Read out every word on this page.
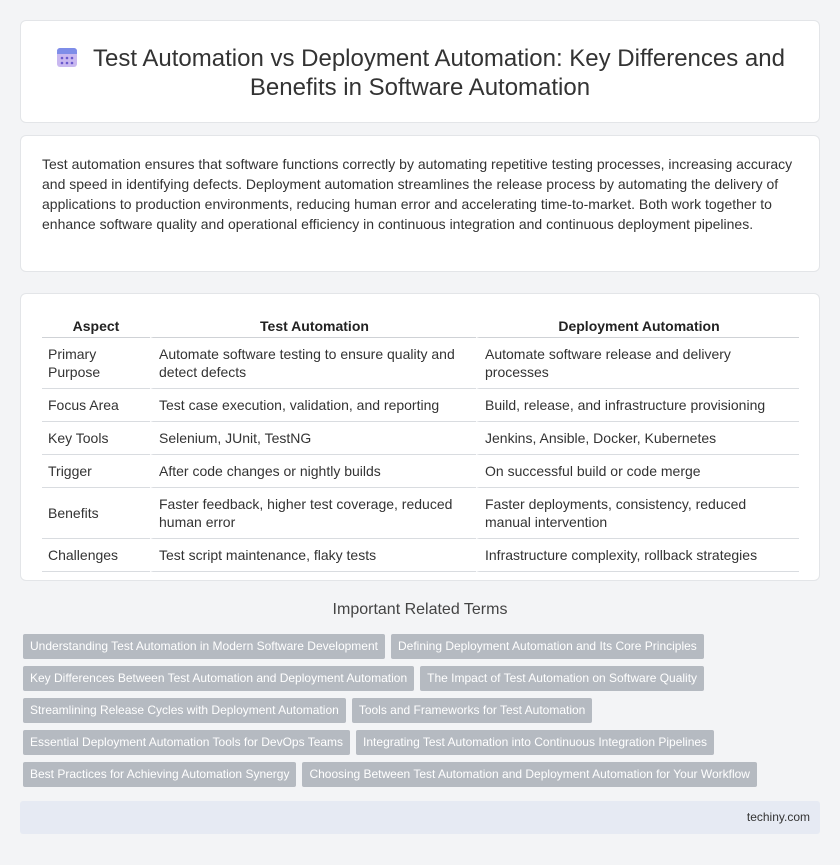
Test Automation vs Deployment Automation: Key Differences and Benefits in Software Automation

Test automation ensures that software functions correctly by automating repetitive testing processes, increasing accuracy and speed in identifying defects. Deployment automation streamlines the release process by automating the delivery of applications to production environments, reducing human error and accelerating time-to-market. Both work together to enhance software quality and operational efficiency in continuous integration and continuous deployment pipelines.

Aspect	Test Automation	Deployment Automation
Primary Purpose	Automate software testing to ensure quality and detect defects	Automate software release and delivery processes
Focus Area	Test case execution, validation, and reporting	Build, release, and infrastructure provisioning
Key Tools	Selenium, JUnit, TestNG	Jenkins, Ansible, Docker, Kubernetes
Trigger	After code changes or nightly builds	On successful build or code merge
Benefits	Faster feedback, higher test coverage, reduced human error	Faster deployments, consistency, reduced manual intervention
Challenges	Test script maintenance, flaky tests	Infrastructure complexity, rollback strategies
Important Related Terms
Understanding Test Automation in Modern Software Development Defining Deployment Automation and Its Core Principles
Key Differences Between Test Automation and Deployment Automation The Impact of Test Automation on Software Quality
Streamlining Release Cycles with Deployment Automation Tools and Frameworks for Test Automation
Essential Deployment Automation Tools for DevOps Teams Integrating Test Automation into Continuous Integration Pipelines
Best Practices for Achieving Automation Synergy Choosing Between Test Automation and Deployment Automation for Your Workflow
techiny.com
